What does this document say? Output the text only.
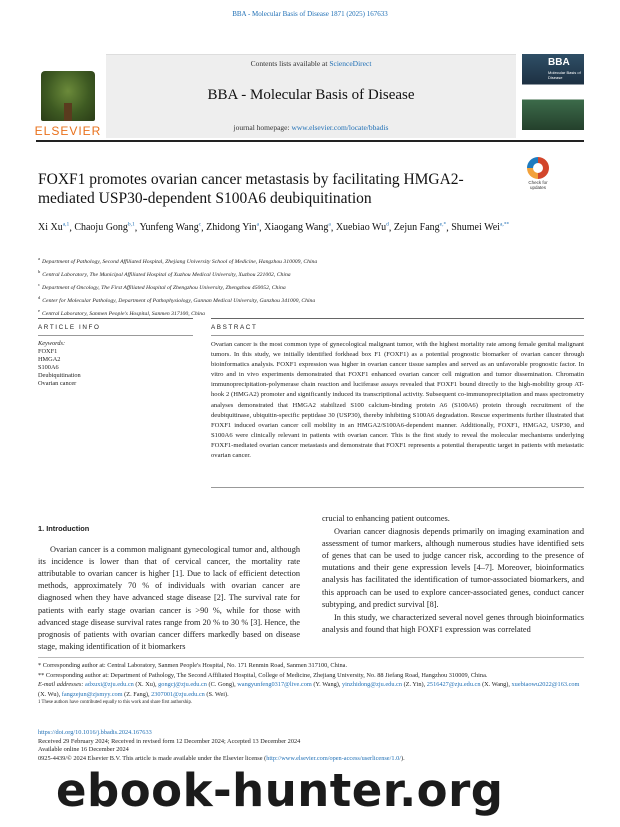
BBA - Molecular Basis of Disease 1871 (2025) 167633
ELSEVIER
Contents lists available at ScienceDirect
BBA - Molecular Basis of Disease
journal homepage: www.elsevier.com/locate/bbadis
BBA
Molecular Basis of Disease
FOXF1 promotes ovarian cancer metastasis by facilitating HMGA2-mediated USP30-dependent S100A6 deubiquitination
Check for updates
Xi Xu$^{a,1}$, Chaoju Gong$^{b,1}$, Yunfeng Wang$^c$, Zhidong Yin$^a$, Xiaogang Wang$^a$, Xuebiao Wu$^d$, Zejun Fang$^{e,*}$, Shumei Wei$^{a,**}$
$^a$Department of Pathology, Second Affiliated Hospital, Zhejiang University School of Medicine, Hangzhou 310009, China
$^b$Central Laboratory, The Municipal Affiliated Hospital of Xuzhou Medical University, Xuzhou 221002, China
$^c$Department of Oncology, The First Affiliated Hospital of Zhengzhou University, Zhengzhou 450052, China
$^d$Center for Molecular Pathology, Department of Pathophysiology, Gannan Medical University, Ganzhou 341000, China
$^e$Central Laboratory, Sanmen People's Hospital, Sanmen 317100, China
ARTICLE INFO	ABSTRACT
Keywords:
FOXF1
HMGA2
S100A6
Deubiquitination
Ovarian cancer
Ovarian cancer is the most common type of gynecological malignant tumor, with the highest mortality rate among female genital malignant tumors. In this study, we initially identified forkhead box F1 (FOXF1) as a potential prognostic biomarker of ovarian cancer through bioinformatics analysis. FOXF1 expression was higher in ovarian cancer tissue samples and served as an unfavorable prognostic factor. In vitro and in vivo experiments demonstrated that FOXF1 enhanced ovarian cancer cell migration and tumor dissemination. Chromatin immunoprecipitation-polymerase chain reaction and luciferase assays revealed that FOXF1 bound directly to the high-mobility group AT-hook 2 (HMGA2) promoter and significantly induced its transcriptional activity. Subsequent co-immunoprecipitation and mass spectrometry analyses demonstrated that HMGA2 stabilized S100 calcium-binding protein A6 (S100A6) protein through recruitment of the deubiquitinase, ubiquitin-specific peptidase 30 (USP30), thereby inhibiting S100A6 degradation. Rescue experiments further illustrated that FOXF1 induced ovarian cancer cell mobility in an HMGA2/S100A6-dependent manner. Additionally, FOXF1, HMGA2, USP30, and S100A6 were clinically relevant in patients with ovarian cancer. This is the first study to reveal the molecular mechanisms underlying FOXF1-mediated ovarian cancer metastasis and demonstrate that FOXF1 represents a potential therapeutic target in patients with metastatic ovarian cancer.
1. Introduction

Ovarian cancer is a common malignant gynecological tumor and, although its incidence is lower than that of cervical cancer, the mortality rate attributable to ovarian cancer is higher [1]. Due to lack of efficient detection methods, approximately 70 % of individuals with ovarian cancer are diagnosed when they have advanced stage disease [2]. The survival rate for patients with early stage ovarian cancer is >90 %, while for those with advanced stage disease survival rates range from 20 % to 30 % [3]. Hence, the prognosis of patients with ovarian cancer differs markedly based on disease stage, making identification of it biomarkers

crucial to enhancing patient outcomes.

Ovarian cancer diagnosis depends primarily on imaging examination and assessment of tumor markers, although numerous studies have identified sets of genes that can be used to judge cancer risk, according to the presence of mutations and their gene expression levels [4–7]. Moreover, bioinformatics analysis has facilitated the identification of tumor-associated biomarkers, and this approach can be used to explore cancer-associated genes, conduct cancer subtyping, and predict survival [8].

In this study, we characterized several novel genes through bioinformatics analysis and found that high FOXF1 expression was correlated

* Corresponding author at: Central Laboratory, Sanmen People's Hospital, No. 171 Renmin Road, Sanmen 317100, China.
** Corresponding author at: Department of Pathology, The Second Affiliated Hospital, College of Medicine, Zhejiang University, No. 88 Jiefang Road, Hangzhou 310009, China.
E-mail addresses: adxuxi@zju.edu.cn (X. Xu), gongcj@zju.edu.cn (C. Gong), wangyunfeng0317@live.com (Y. Wang), yinzhidong@zju.edu.cn (Z. Yin), 2516427@zju.edu.cn (X. Wang), xuebiaowu2022@163.com (X. Wu), fangzejun@zjsmyy.com (Z. Fang), 2307001@zju.edu.cn (S. Wei).
1 These authors have contributed equally to this work and share first authorship.
https://doi.org/10.1016/j.bbadis.2024.167633
Received 29 February 2024; Received in revised form 12 December 2024; Accepted 13 December 2024
Available online 16 December 2024
0925-4439/© 2024 Elsevier B.V. This article is made available under the Elsevier license (http://www.elsevier.com/open-access/userlicense/1.0/).
ebook-hunter.org
